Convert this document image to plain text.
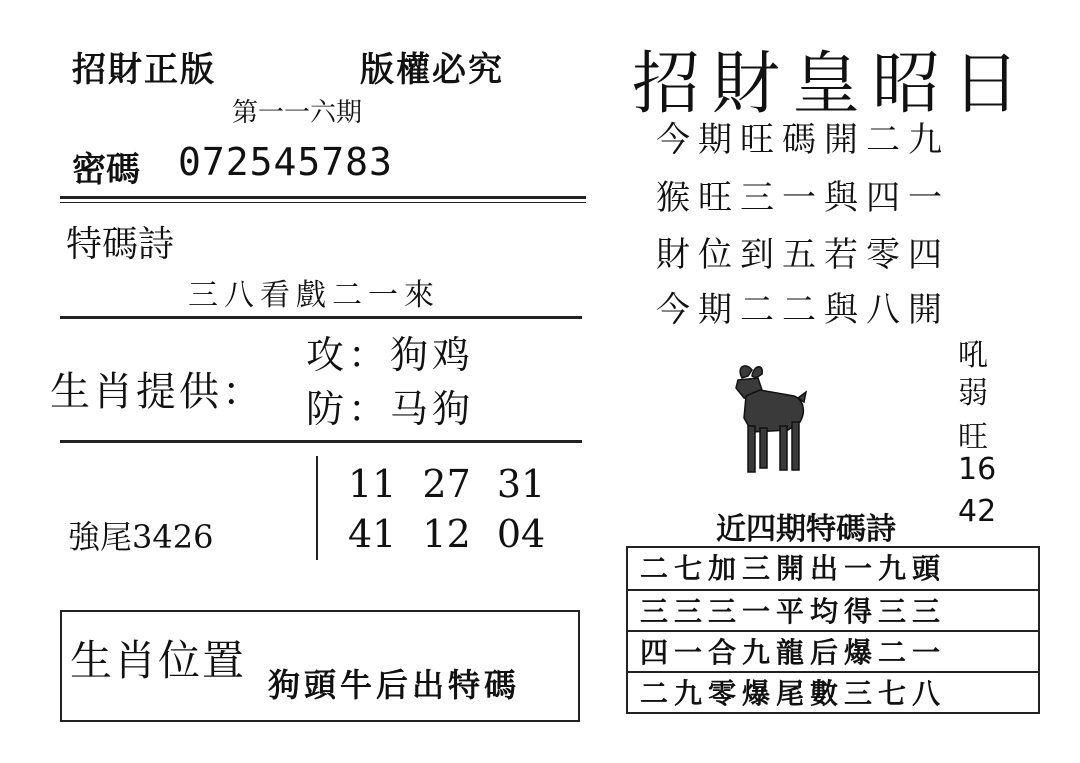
招財正版　　　　版權必究
第一一六期
密碼 072545783
特碼詩
三八看戲二一來
生肖提供：
攻：狗鸡
防：马狗
強尾3426
11 27 31
41 12 04
生肖位置 狗頭牛后出特碼
招財皇昭日
今期旺碼開二九
猴旺三一與四一
財位到五若零四
今期二二與八開
吼
弱
旺
16
42
近四期特碼詩
二七加三開出一九頭
三三三一平均得三三
四一合九龍后爆二一
二九零爆尾數三七八
